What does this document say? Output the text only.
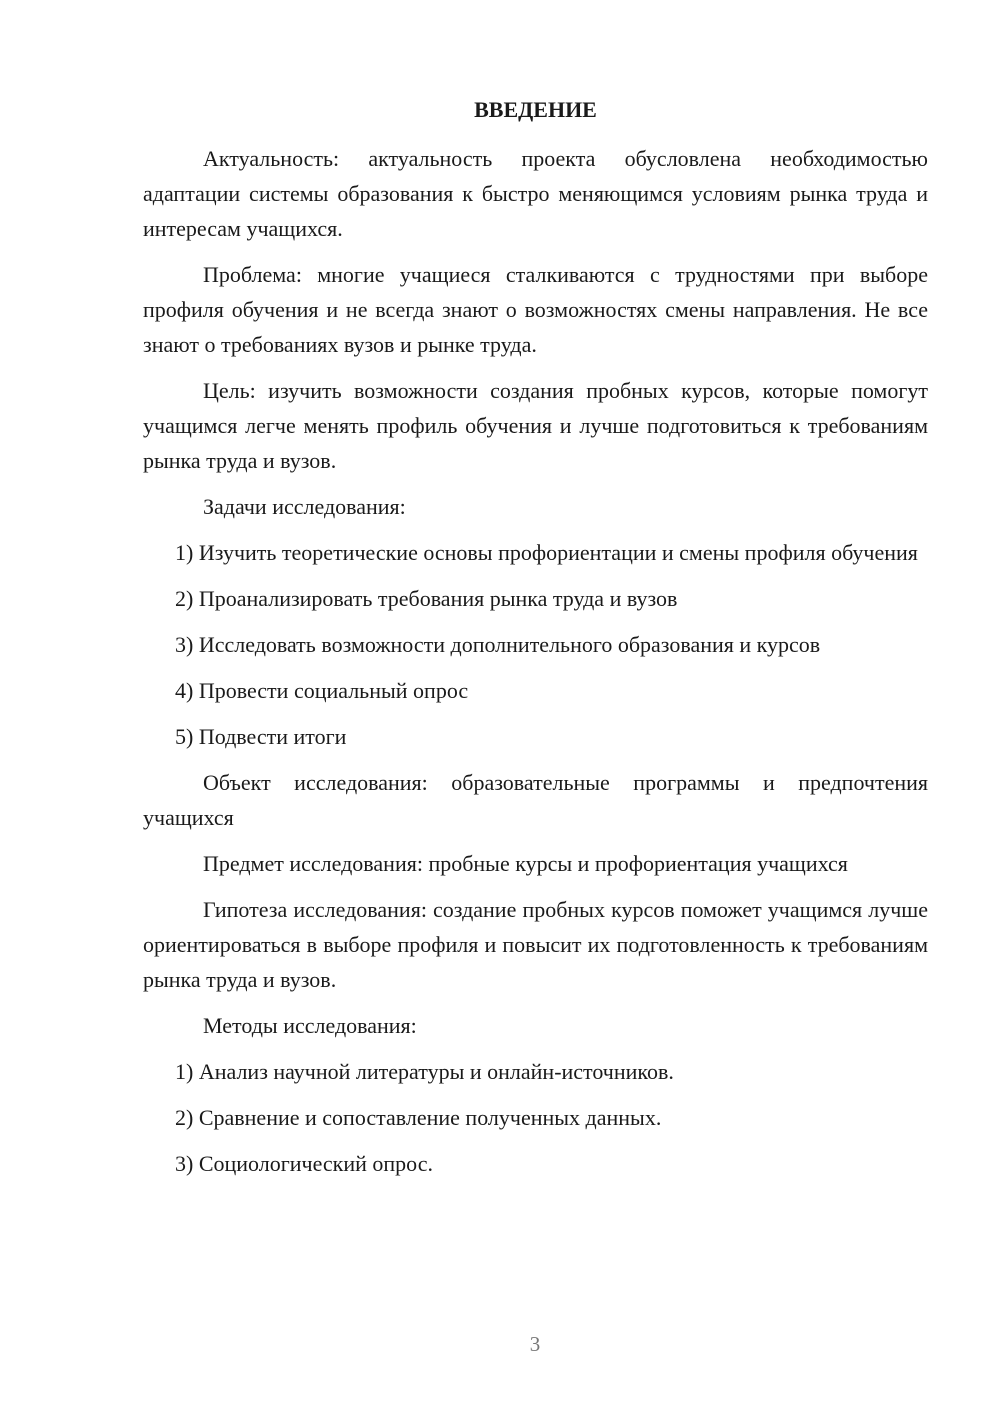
ВВЕДЕНИЕ

Актуальность: актуальность проекта обусловлена необходимостью адаптации системы образования к быстро меняющимся условиям рынка труда и интересам учащихся.

Проблема: многие учащиеся сталкиваются с трудностями при выборе профиля обучения и не всегда знают о возможностях смены направления. Не все знают о требованиях вузов и рынке труда.

Цель: изучить возможности создания пробных курсов, которые помогут учащимся легче менять профиль обучения и лучше подготовиться к требованиям рынка труда и вузов.

Задачи исследования:

1) Изучить теоретические основы профориентации и смены профиля обучения

2) Проанализировать требования рынка труда и вузов

3) Исследовать возможности дополнительного образования и курсов

4) Провести социальный опрос

5) Подвести итоги

Объект исследования: образовательные программы и предпочтения учащихся

Предмет исследования: пробные курсы и профориентация учащихся

Гипотеза исследования: создание пробных курсов поможет учащимся лучше ориентироваться в выборе профиля и повысит их подготовленность к требованиям рынка труда и вузов.

Методы исследования:

1) Анализ научной литературы и онлайн-источников.

2) Сравнение и сопоставление полученных данных.

3) Социологический опрос.

3
